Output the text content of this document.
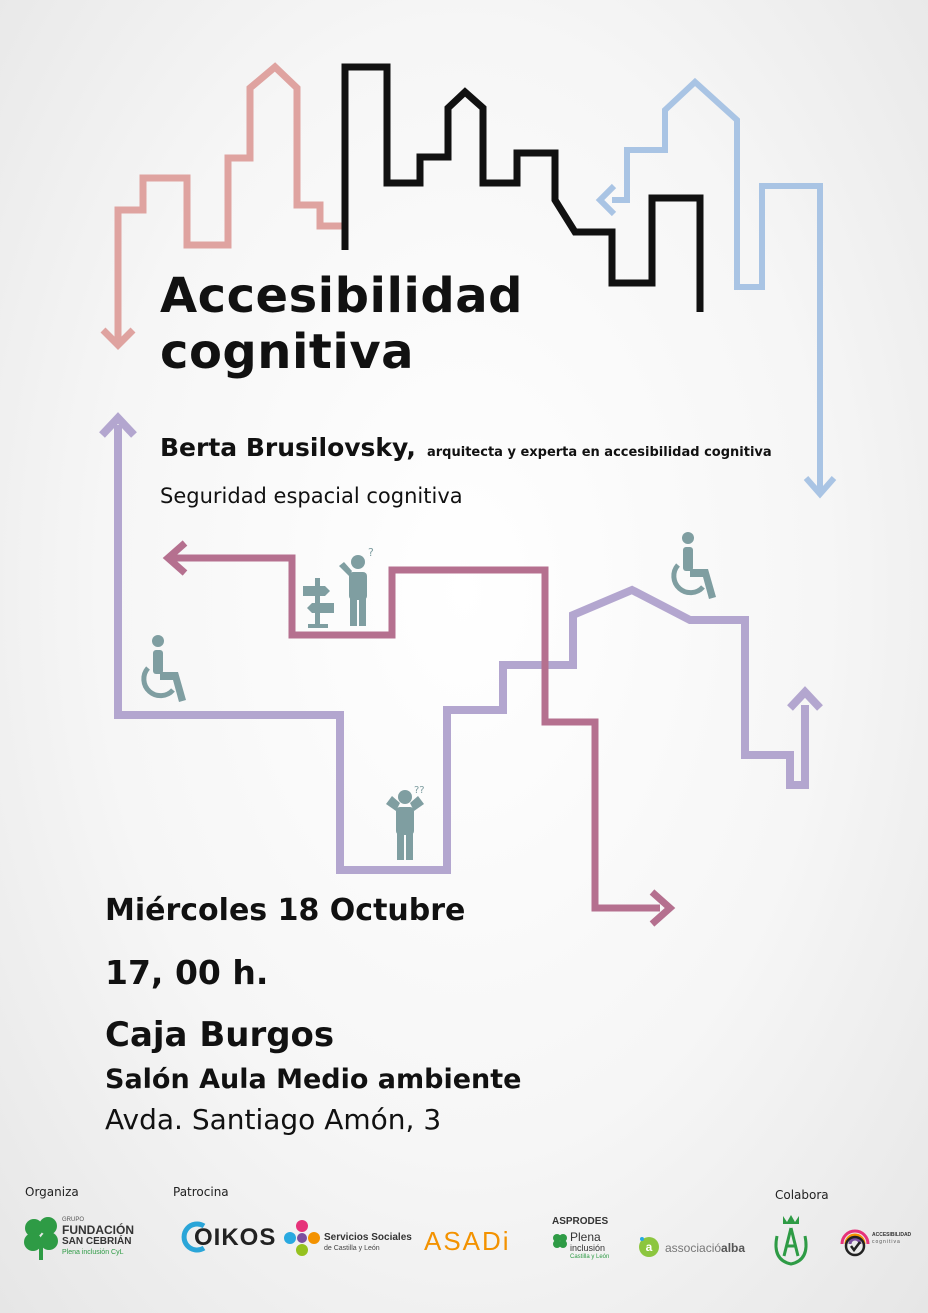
?
??
Accesibilidad
cognitiva
Berta Brusilovsky, arquitecta y experta en accesibilidad cognitiva
Seguridad espacial cognitiva
Miércoles 18 Octubre
17, 00 h.
Caja Burgos
Salón Aula Medio ambiente
Avda. Santiago Amón, 3
Organiza	Patrocina	Colabora
GRUPO
FUNDACIÓN
SAN CEBRIÁN
Plena inclusión CyL
OIKOS	Servicios Sociales
de Castilla y León ASADi
ASPRODES
Plena
inclusión
Castilla y León
a associacióalba
ACCESIBILIDAD
cognitiva
